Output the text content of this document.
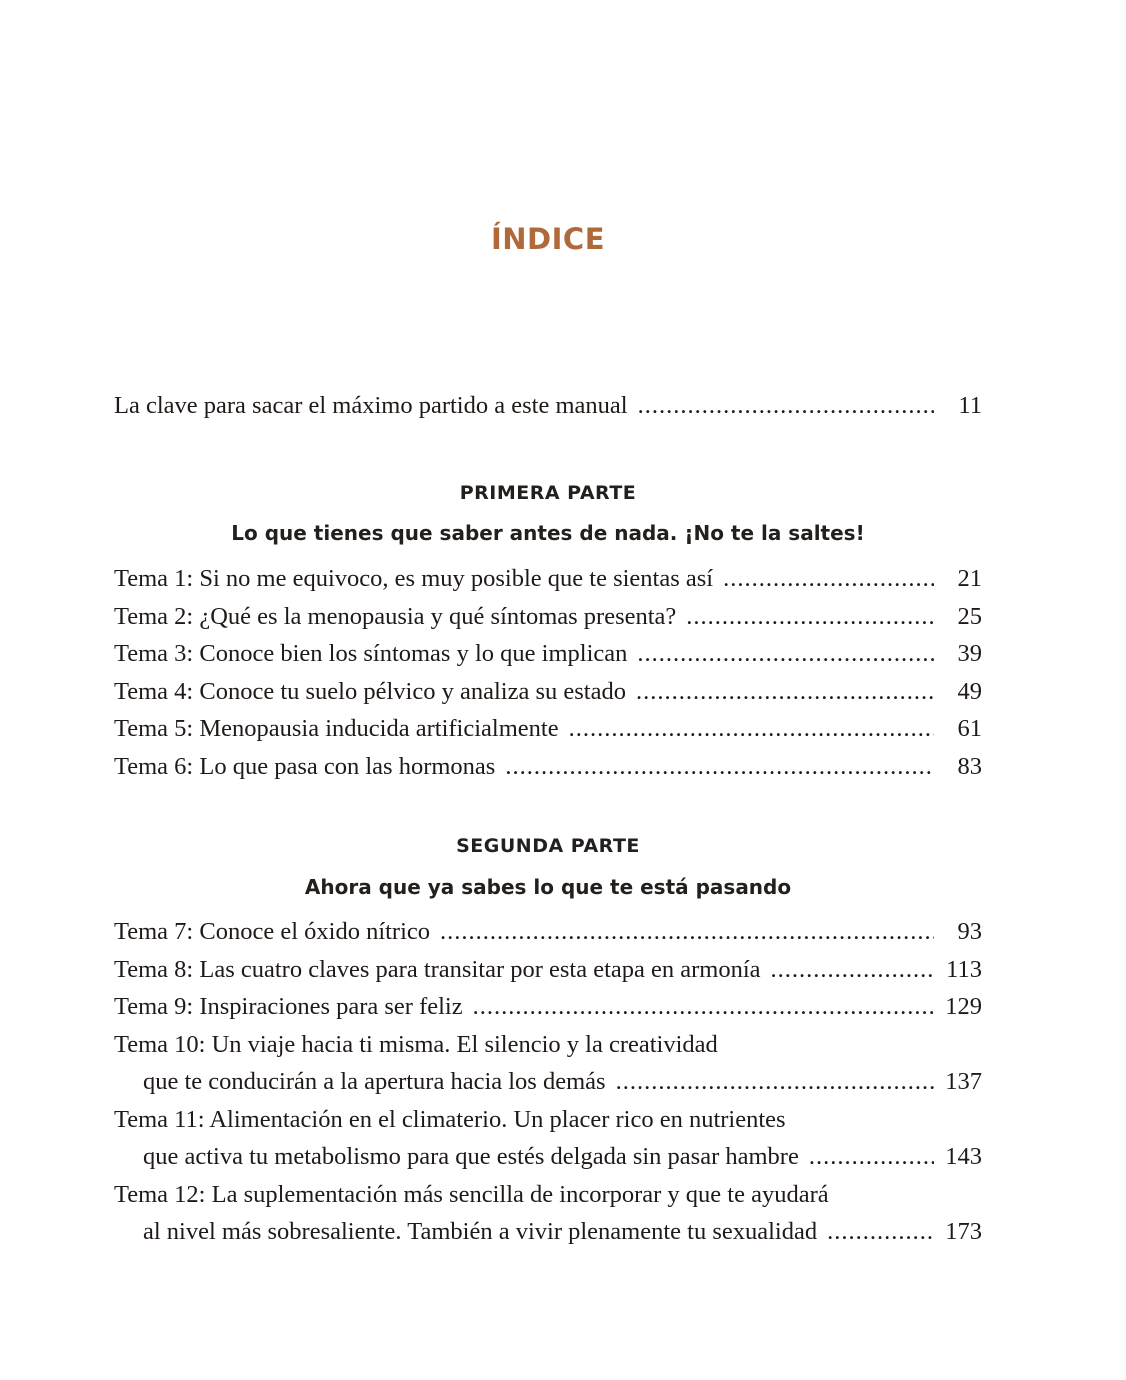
ÍNDICE
La clave para sacar el máximo partido a este manual .....	11
PRIMERA PARTE
Lo que tienes que saber antes de nada. ¡No te la saltes!
Tema 1: Si no me equivoco, es muy posible que te sientas así .....	21
Tema 2: ¿Qué es la menopausia y qué síntomas presenta? .....	25
Tema 3: Conoce bien los síntomas y lo que implican .....	39
Tema 4: Conoce tu suelo pélvico y analiza su estado .....	49
Tema 5: Menopausia inducida artificialmente .....	61
Tema 6: Lo que pasa con las hormonas .....	83
SEGUNDA PARTE
Ahora que ya sabes lo que te está pasando
Tema 7: Conoce el óxido nítrico .....	93
Tema 8: Las cuatro claves para transitar por esta etapa en armonía .....	113
Tema 9: Inspiraciones para ser feliz .....	129
Tema 10: Un viaje hacia ti misma. El silencio y la creatividad
que te conducirán a la apertura hacia los demás .....	137
Tema 11: Alimentación en el climaterio. Un placer rico en nutrientes
que activa tu metabolismo para que estés delgada sin pasar hambre .....	143
Tema 12: La suplementación más sencilla de incorporar y que te ayudará
al nivel más sobresaliente. También a vivir plenamente tu sexualidad .....	173
